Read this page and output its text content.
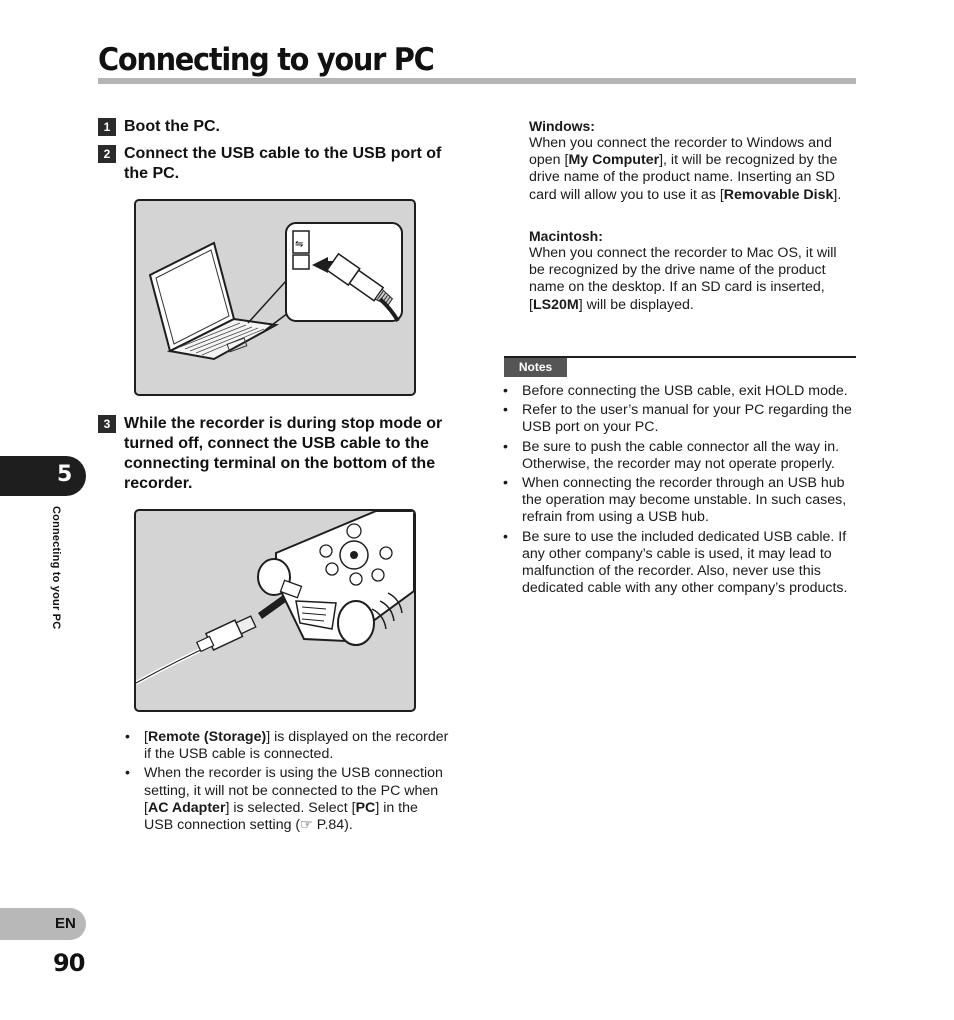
Connecting to your PC
1 Boot the PC.
2 Connect the USB cable to the USB port of the PC.
⇋
3 While the recorder is during stop mode or turned off, connect the USB cable to the connecting terminal on the bottom of the recorder.
• [Remote (Storage)] is displayed on the recorder if the USB cable is connected.
• When the recorder is using the USB connection setting, it will not be connected to the PC when [AC Adapter] is selected. Select [PC] in the USB connection setting (☞ P.84).
Windows:
When you connect the recorder to Windows and open [My Computer], it will be recognized by the drive name of the product name. Inserting an SD card will allow you to use it as [Removable Disk].
Macintosh:
When you connect the recorder to Mac OS, it will be recognized by the drive name of the product name on the desktop. If an SD card is inserted, [LS20M] will be displayed.
Notes
• Before connecting the USB cable, exit HOLD mode.
• Refer to the user’s manual for your PC regarding the USB port on your PC.
• Be sure to push the cable connector all the way in. Otherwise, the recorder may not operate properly.
• When connecting the recorder through an USB hub the operation may become unstable. In such cases, refrain from using a USB hub.
• Be sure to use the included dedicated USB cable. If any other company’s cable is used, it may lead to malfunction of the recorder. Also, never use this dedicated cable with any other company’s products.
5
Connecting to your PC
EN
90
